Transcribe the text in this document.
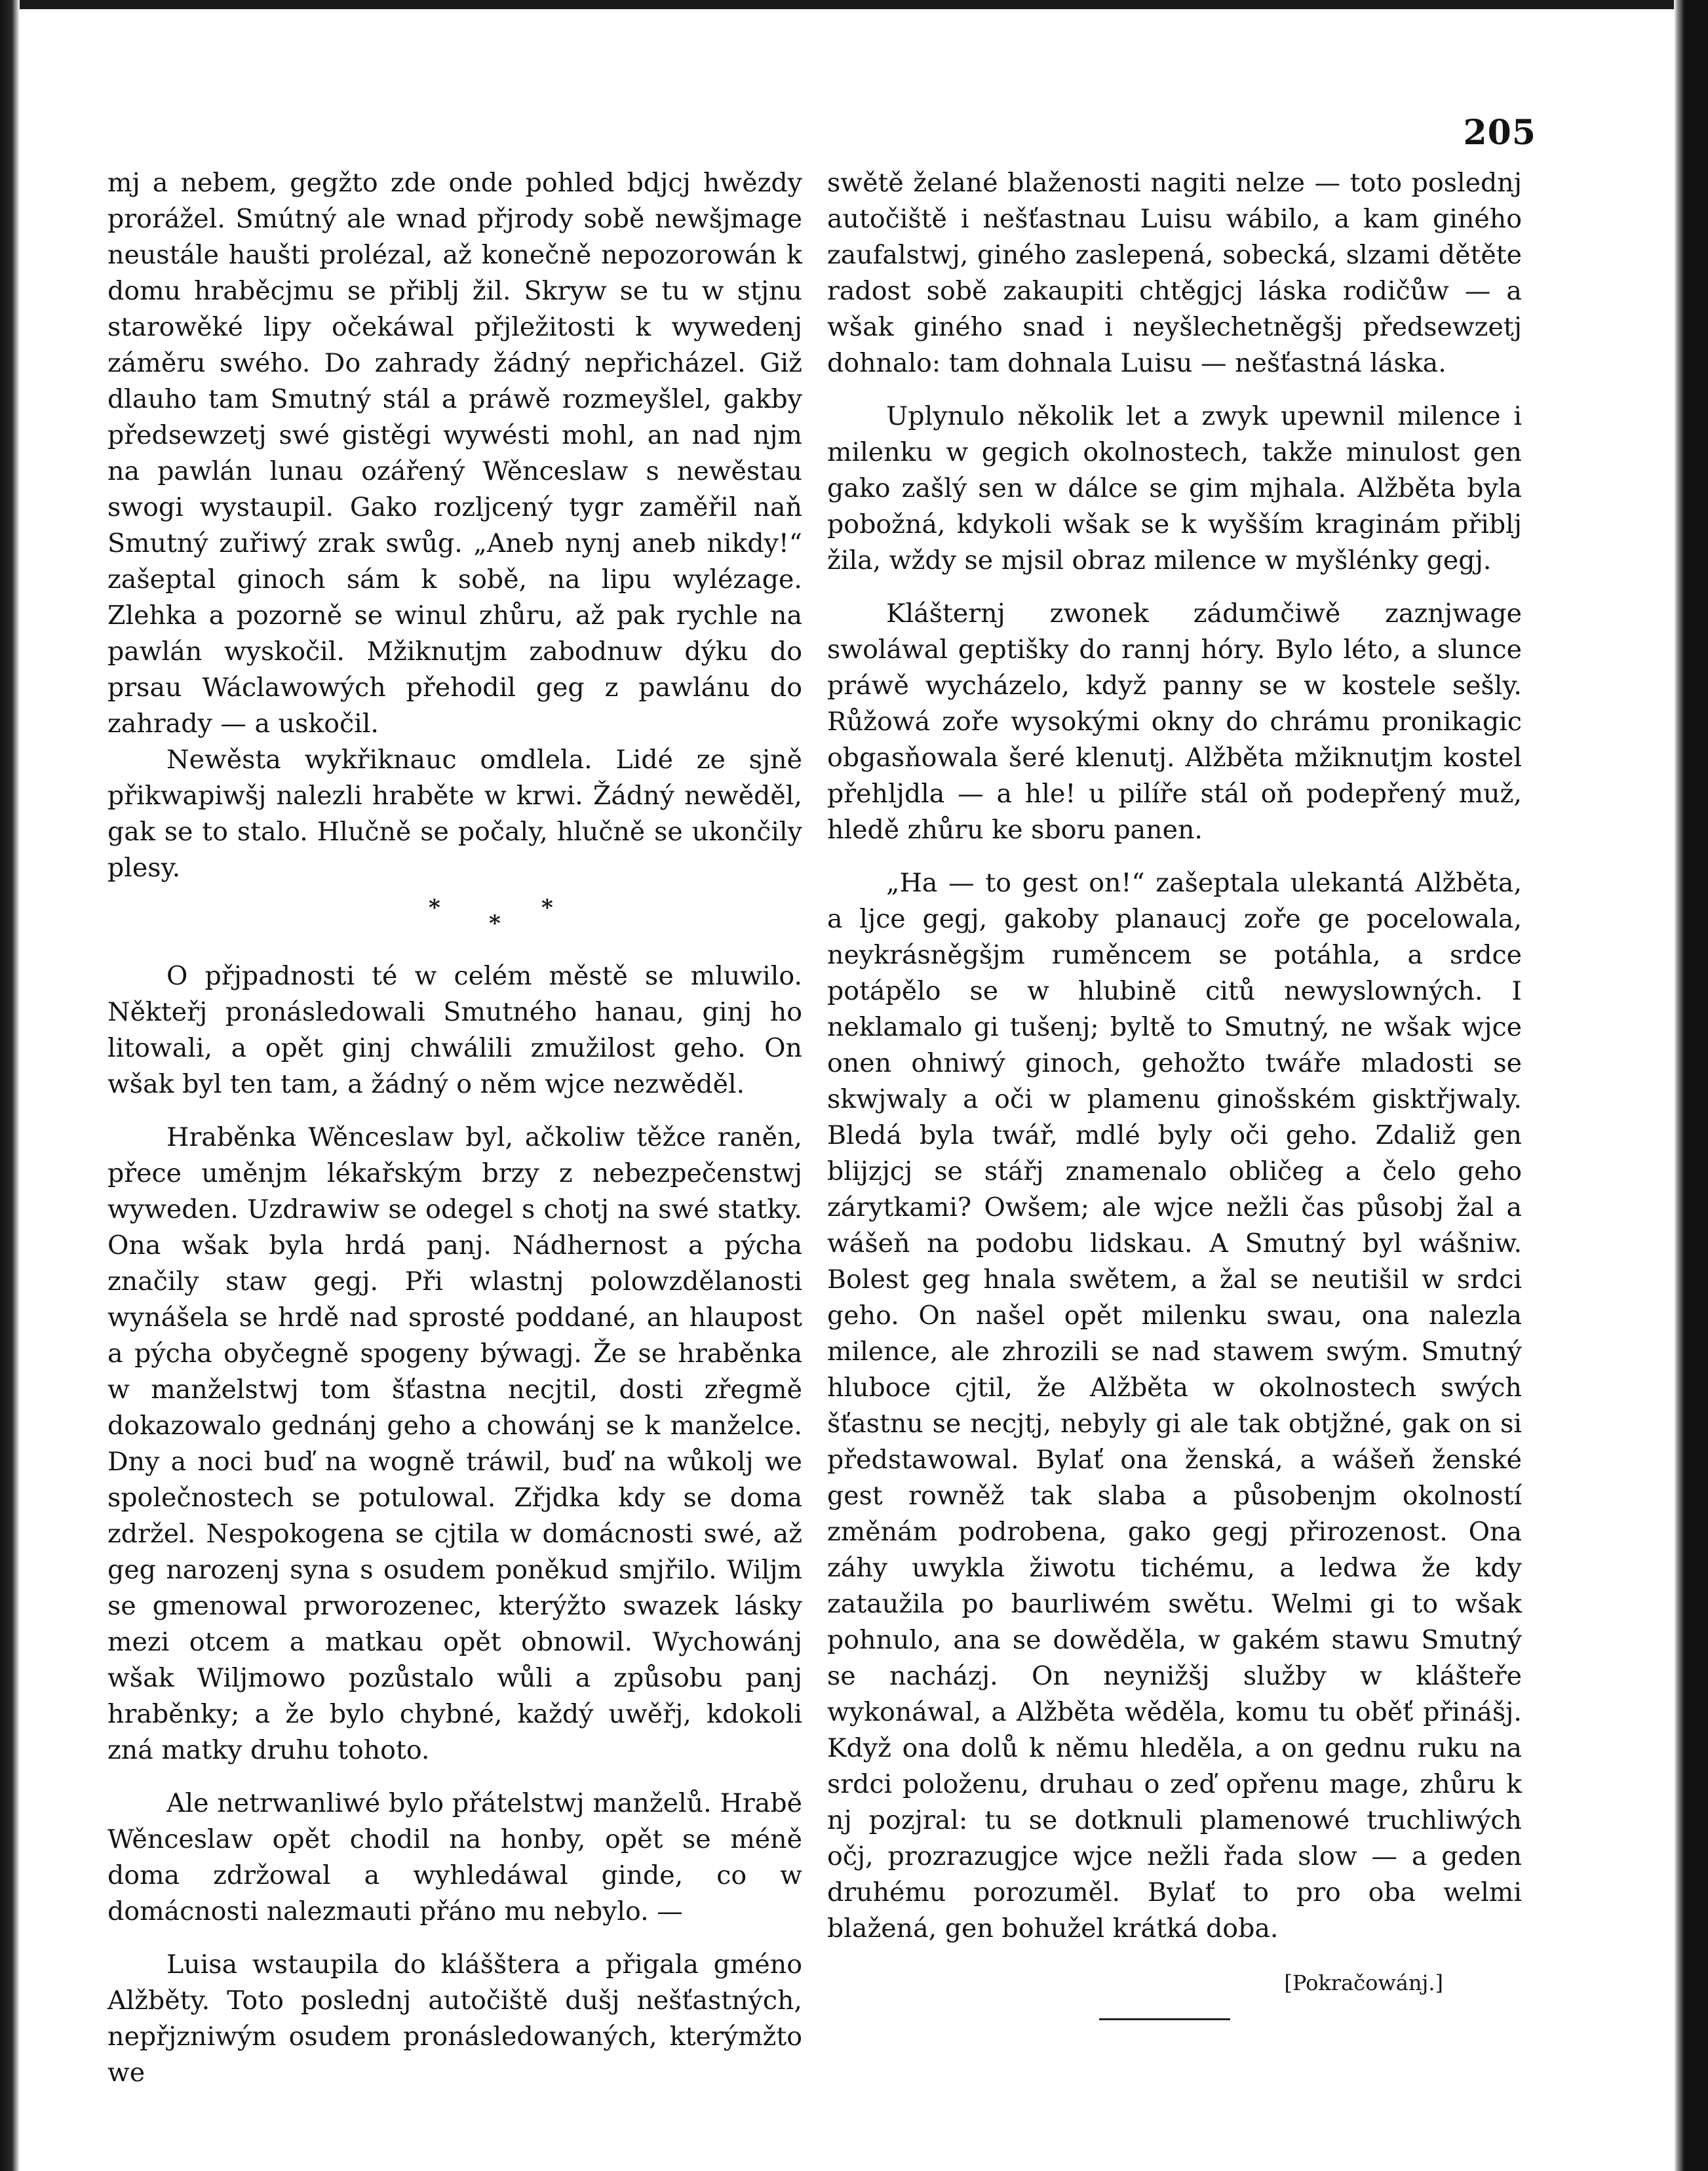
205

mj a nebem, gegžto zde onde pohled bdjcj hwězdy prorážel. Smútný ale wnad přjrody sobě newšjmage neustále haušti prolézal, až konečně nepozorowán k domu hraběcjmu se přiblj žil. Skryw se tu w stjnu starowěké lipy očekáwal přjležitosti k wywedenj záměru swého. Do zahrady žádný nepřicházel. Giž dlauho tam Smutný stál a práwě rozmeyšlel, gakby předsewzetj swé gistěgi wywésti mohl, an nad njm na pawlán lunau ozářený Wěnceslaw s newěstau swogi wystaupil. Gako rozljcený tygr zaměřil naň Smutný zuřiwý zrak swůg. „Aneb nynj aneb nikdy!“ zašeptal ginoch sám k sobě, na lipu wylézage. Zlehka a pozorně se winul zhůru, až pak rychle na pawlán wyskočil. Mžiknutjm zabodnuw dýku do prsau Wáclawowých přehodil geg z pawlánu do zahrady — a uskočil.

Newěsta wykřiknauc omdlela. Lidé ze sjně přikwapiwšj nalezli hraběte w krwi. Žádný newěděl, gak se to stalo. Hlučně se počaly, hlučně se ukončily plesy.

*
*
*

O přjpadnosti té w celém městě se mluwilo. Někteřj pronásledowali Smutného hanau, ginj ho litowali, a opět ginj chwálili zmužilost geho. On wšak byl ten tam, a žádný o něm wjce nezwěděl.

Hraběnka Wěnceslaw byl, ačkoliw těžce raněn, přece uměnjm lékařským brzy z nebezpečenstwj wyweden. Uzdrawiw se odegel s chotj na swé statky. Ona wšak byla hrdá panj. Nádhernost a pýcha značily staw gegj. Při wlastnj polowzdělanosti wynášela se hrdě nad sprosté poddané, an hlaupost a pýcha obyčegně spogeny býwagj. Že se hraběnka w manželstwj tom šťastna necjtil, dosti zřegmě dokazowalo gednánj geho a chowánj se k manželce. Dny a noci buď na wogně tráwil, buď na wůkolj we společnostech se potulowal. Zřjdka kdy se doma zdržel. Nespokogena se cjtila w domácnosti swé, až geg narozenj syna s osudem poněkud smjřilo. Wiljm se gmenowal prworozenec, kterýžto swazek lásky mezi otcem a matkau opět obnowil. Wychowánj wšak Wiljmowo pozůstalo wůli a způsobu panj hraběnky; a že bylo chybné, každý uwěřj, kdokoli zná matky druhu tohoto.

Ale netrwanliwé bylo přátelstwj manželů. Hrabě Wěnceslaw opět chodil na honby, opět se méně doma zdržowal a wyhledáwal ginde, co w domácnosti nalezmauti přáno mu nebylo. —

Luisa wstaupila do klášštera a přigala gméno Alžběty. Toto poslednj autočiště dušj nešťastných, nepřjzniwým osudem pronásledowaných, kterýmžto we

swětě želané blaženosti nagiti nelze — toto poslednj autočiště i nešťastnau Luisu wábilo, a kam giného zaufalstwj, giného zaslepená, sobecká, slzami dětěte radost sobě zakaupiti chtěgjcj láska rodičůw — a wšak giného snad i neyšlechetněgšj předsewzetj dohnalo: tam dohnala Luisu — nešťastná láska.

Uplynulo několik let a zwyk upewnil milence i milenku w gegich okolnostech, takže minulost gen gako zašlý sen w dálce se gim mjhala. Alžběta byla pobožná, kdykoli wšak se k wyšším kraginám přiblj žila, wždy se mjsil obraz milence w myšlénky gegj.

Klášternj zwonek zádumčiwě zaznjwage swoláwal geptišky do rannj hóry. Bylo léto, a slunce práwě wycházelo, když panny se w kostele sešly. Růžowá zoře wysokými okny do chrámu pronikagic obgasňowala šeré klenutj. Alžběta mžiknutjm kostel přehljdla — a hle! u pilíře stál oň podepřený muž, hledě zhůru ke sboru panen.

„Ha — to gest on!“ zašeptala ulekantá Alžběta, a ljce gegj, gakoby planaucj zoře ge pocelowala, neykrásněgšjm ruměncem se potáhla, a srdce potápělo se w hlubině citů newyslowných. I neklamalo gi tušenj; byltě to Smutný, ne wšak wjce onen ohniwý ginoch, gehožto twáře mladosti se skwjwaly a oči w plamenu ginošském gisktřjwaly. Bledá byla twář, mdlé byly oči geho. Zdaliž gen blijzjcj se stářj znamenalo obličeg a čelo geho zárytkami? Owšem; ale wjce nežli čas působj žal a wášeň na podobu lidskau. A Smutný byl wášniw. Bolest geg hnala swětem, a žal se neutišil w srdci geho. On našel opět milenku swau, ona nalezla milence, ale zhrozili se nad stawem swým. Smutný hluboce cjtil, že Alžběta w okolnostech swých šťastnu se necjtj, nebyly gi ale tak obtjžné, gak on si předstawowal. Bylať ona ženská, a wášeň ženské gest rowněž tak slaba a působenjm okolností změnám podrobena, gako gegj přirozenost. Ona záhy uwykla žiwotu tichému, a ledwa že kdy zataužila po baurliwém swětu. Welmi gi to wšak pohnulo, ana se dowěděla, w gakém stawu Smutný se nacházj. On neynižšj služby w klášteře wykonáwal, a Alžběta wěděla, komu tu oběť přinášj. Když ona dolů k němu hleděla, a on gednu ruku na srdci položenu, druhau o zeď opřenu mage, zhůru k nj pozjral: tu se dotknuli plamenowé truchliwých očj, prozrazugjce wjce nežli řada slow — a geden druhému porozuměl. Bylať to pro oba welmi blažená, gen bohužel krátká doba.

[Pokračowánj.]
